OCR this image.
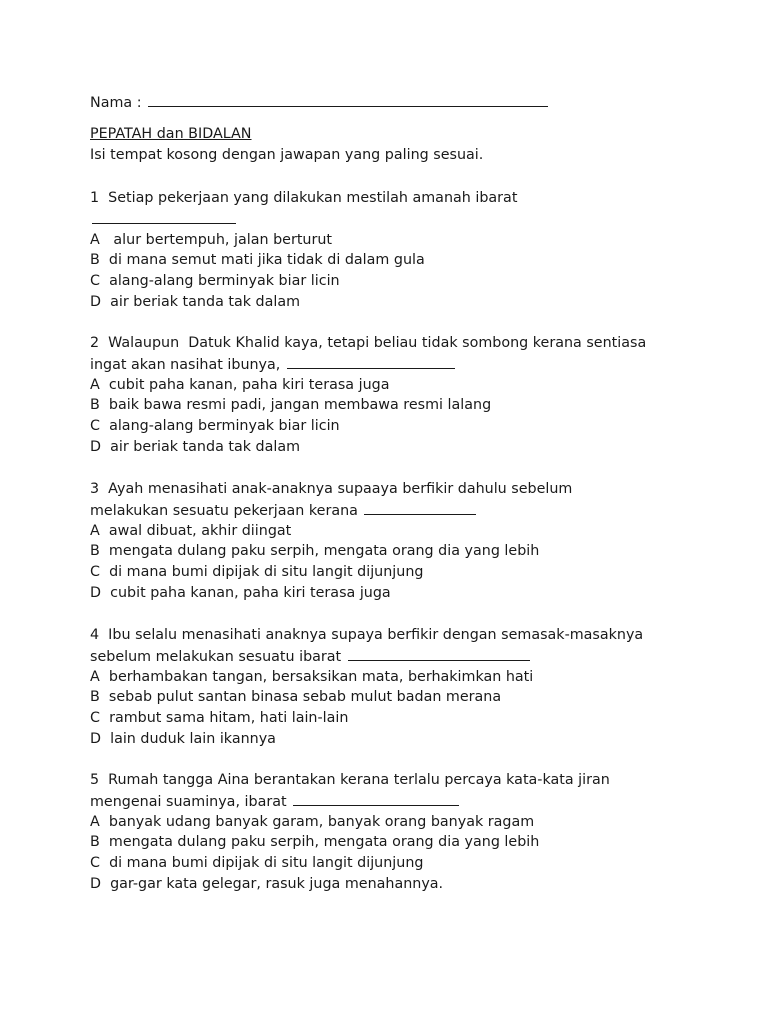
Nama :
PEPATAH dan BIDALAN
Isi tempat kosong dengan jawapan yang paling sesuai.
1  Setiap pekerjaan yang dilakukan mestilah amanah ibarat
A   alur bertempuh, jalan berturut
B  di mana semut mati jika tidak di dalam gula
C  alang-alang berminyak biar licin
D  air beriak tanda tak dalam
2  Walaupun  Datuk Khalid kaya, tetapi beliau tidak sombong kerana sentiasa
ingat akan nasihat ibunya,
A  cubit paha kanan, paha kiri terasa juga
B  baik bawa resmi padi, jangan membawa resmi lalang
C  alang-alang berminyak biar licin
D  air beriak tanda tak dalam
3  Ayah menasihati anak-anaknya supaaya berfikir dahulu sebelum
melakukan sesuatu pekerjaan kerana
A  awal dibuat, akhir diingat
B  mengata dulang paku serpih, mengata orang dia yang lebih
C  di mana bumi dipijak di situ langit dijunjung
D  cubit paha kanan, paha kiri terasa juga
4  Ibu selalu menasihati anaknya supaya berfikir dengan semasak-masaknya
sebelum melakukan sesuatu ibarat
A  berhambakan tangan, bersaksikan mata, berhakimkan hati
B  sebab pulut santan binasa sebab mulut badan merana
C  rambut sama hitam, hati lain-lain
D  lain duduk lain ikannya
5  Rumah tangga Aina berantakan kerana terlalu percaya kata-kata jiran
mengenai suaminya, ibarat
A  banyak udang banyak garam, banyak orang banyak ragam
B  mengata dulang paku serpih, mengata orang dia yang lebih
C  di mana bumi dipijak di situ langit dijunjung
D  gar-gar kata gelegar, rasuk juga menahannya.
